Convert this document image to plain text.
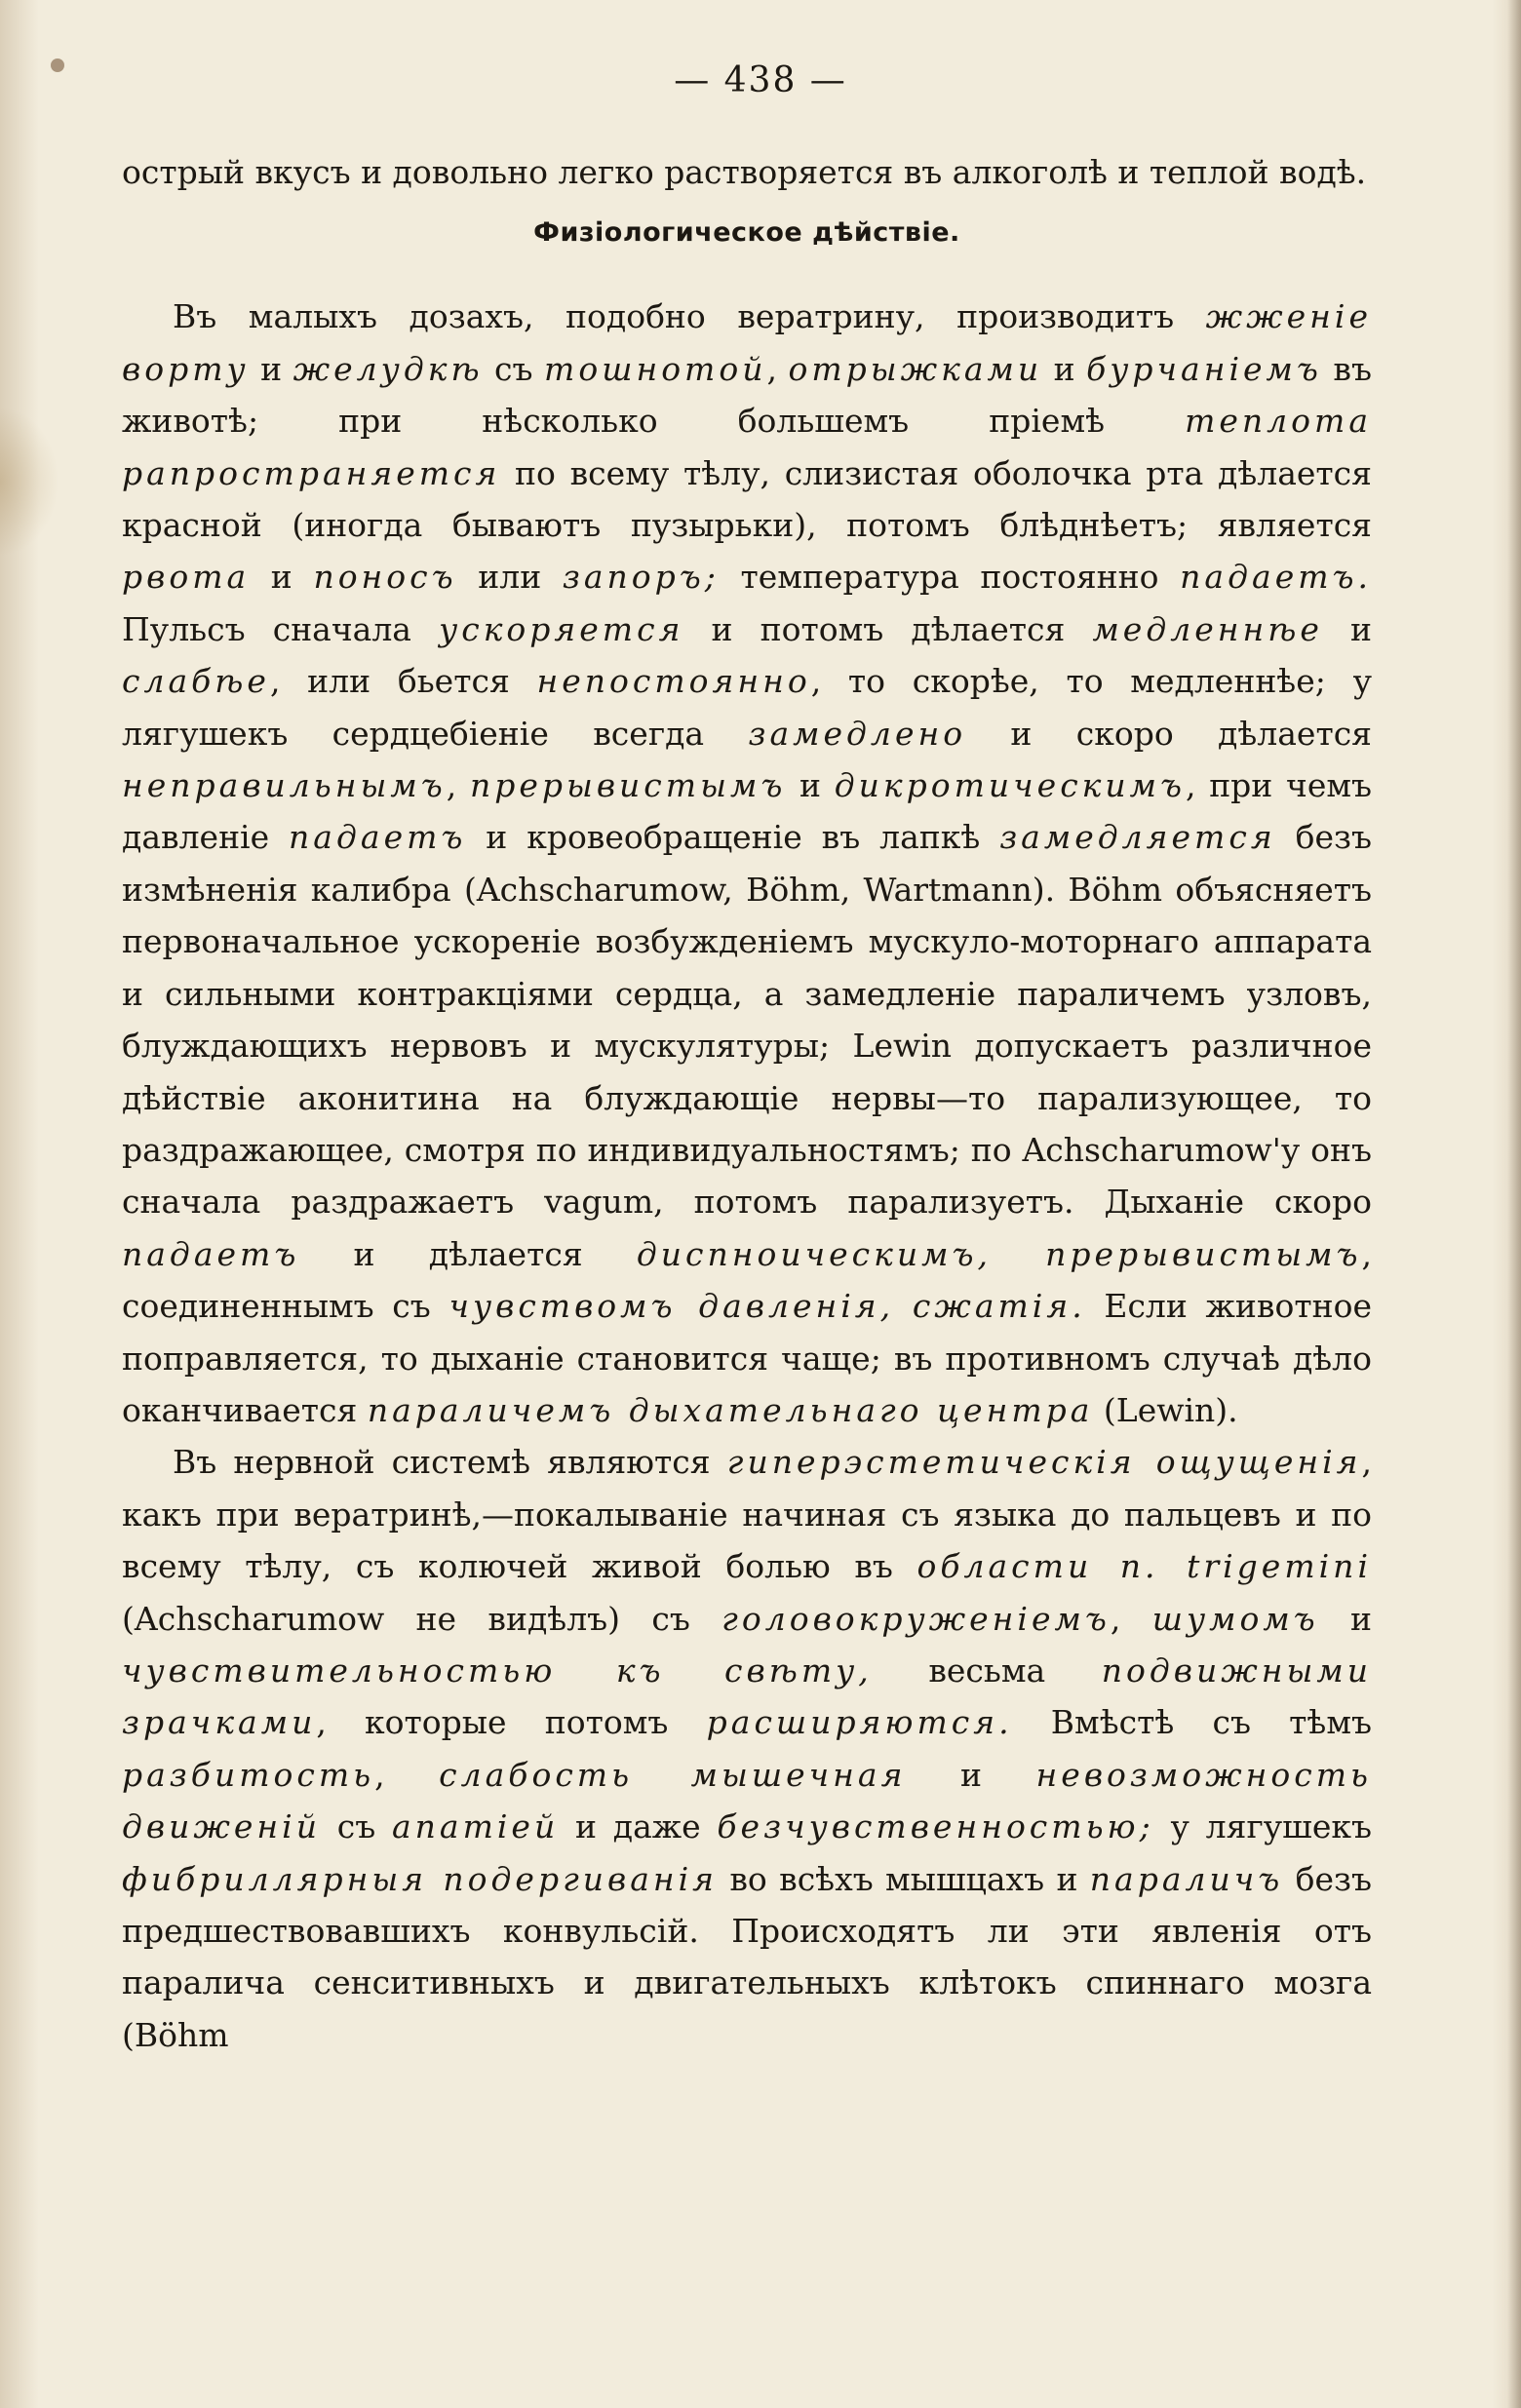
— 438 —

острый вкусъ и довольно легко растворяется въ алкоголѣ и теплой водѣ.

Физіологическое дѣйствіе.

Въ малыхъ дозахъ, подобно вератрину, производитъ жженіе ворту и желудкѣ съ тошнотой, отрыжками и бурчаніемъ въ животѣ; при нѣсколько большемъ пріемѣ теплота рапространяется по всему тѣлу, слизистая оболочка рта дѣлается красной (иногда бываютъ пузырьки), потомъ блѣднѣетъ; является рвота и поносъ или запоръ; температура постоянно падаетъ. Пульсъ сначала ускоряется и потомъ дѣлается медленнѣе и слабѣе, или бьется непостоянно, то скорѣе, то медленнѣе; у лягушекъ сердцебіеніе всегда замедлено и скоро дѣлается неправильнымъ, прерывистымъ и дикротическимъ, при чемъ давленіе падаетъ и кровеобращеніе въ лапкѣ замедляется безъ измѣненія калибра (Achscharumow, Böhm, Wartmann). Böhm объясняетъ первоначальное ускореніе возбужденіемъ мускуло-моторнаго аппарата и сильными контракціями сердца, а замедленіе параличемъ узловъ, блуждающихъ нервовъ и мускулятуры; Lewin допускаетъ различное дѣйствіе аконитина на блуждающіе нервы—то парализующее, то раздражающее, смотря по индивидуальностямъ; по Achscharumow'у онъ сначала раздражаетъ vagum, потомъ парализуетъ. Дыханіе скоро падаетъ и дѣлается диспноическимъ, прерывистымъ, соединеннымъ съ чувствомъ давленія, сжатія. Если животное поправляется, то дыханіе становится чаще; въ противномъ случаѣ дѣло оканчивается параличемъ дыхательнаго центра (Lewin).

Въ нервной системѣ являются гиперэстетическія ощущенія, какъ при вератринѣ,—покалываніе начиная съ языка до пальцевъ и по всему тѣлу, съ колючей живой болью въ области n. trigemini (Achscharumow не видѣлъ) съ головокруженіемъ, шумомъ и чувствительностью къ свѣту, весьма подвижными зрачками, которые потомъ расширяются. Вмѣстѣ съ тѣмъ разбитость, слабость мышечная и невозможность движеній съ апатіей и даже безчувственностью; у лягушекъ фибриллярныя подергиванія во всѣхъ мышцахъ и параличъ безъ предшествовавшихъ конвульсій. Происходятъ ли эти явленія отъ паралича сенситивныхъ и двигательныхъ клѣтокъ спиннаго мозга (Böhm
